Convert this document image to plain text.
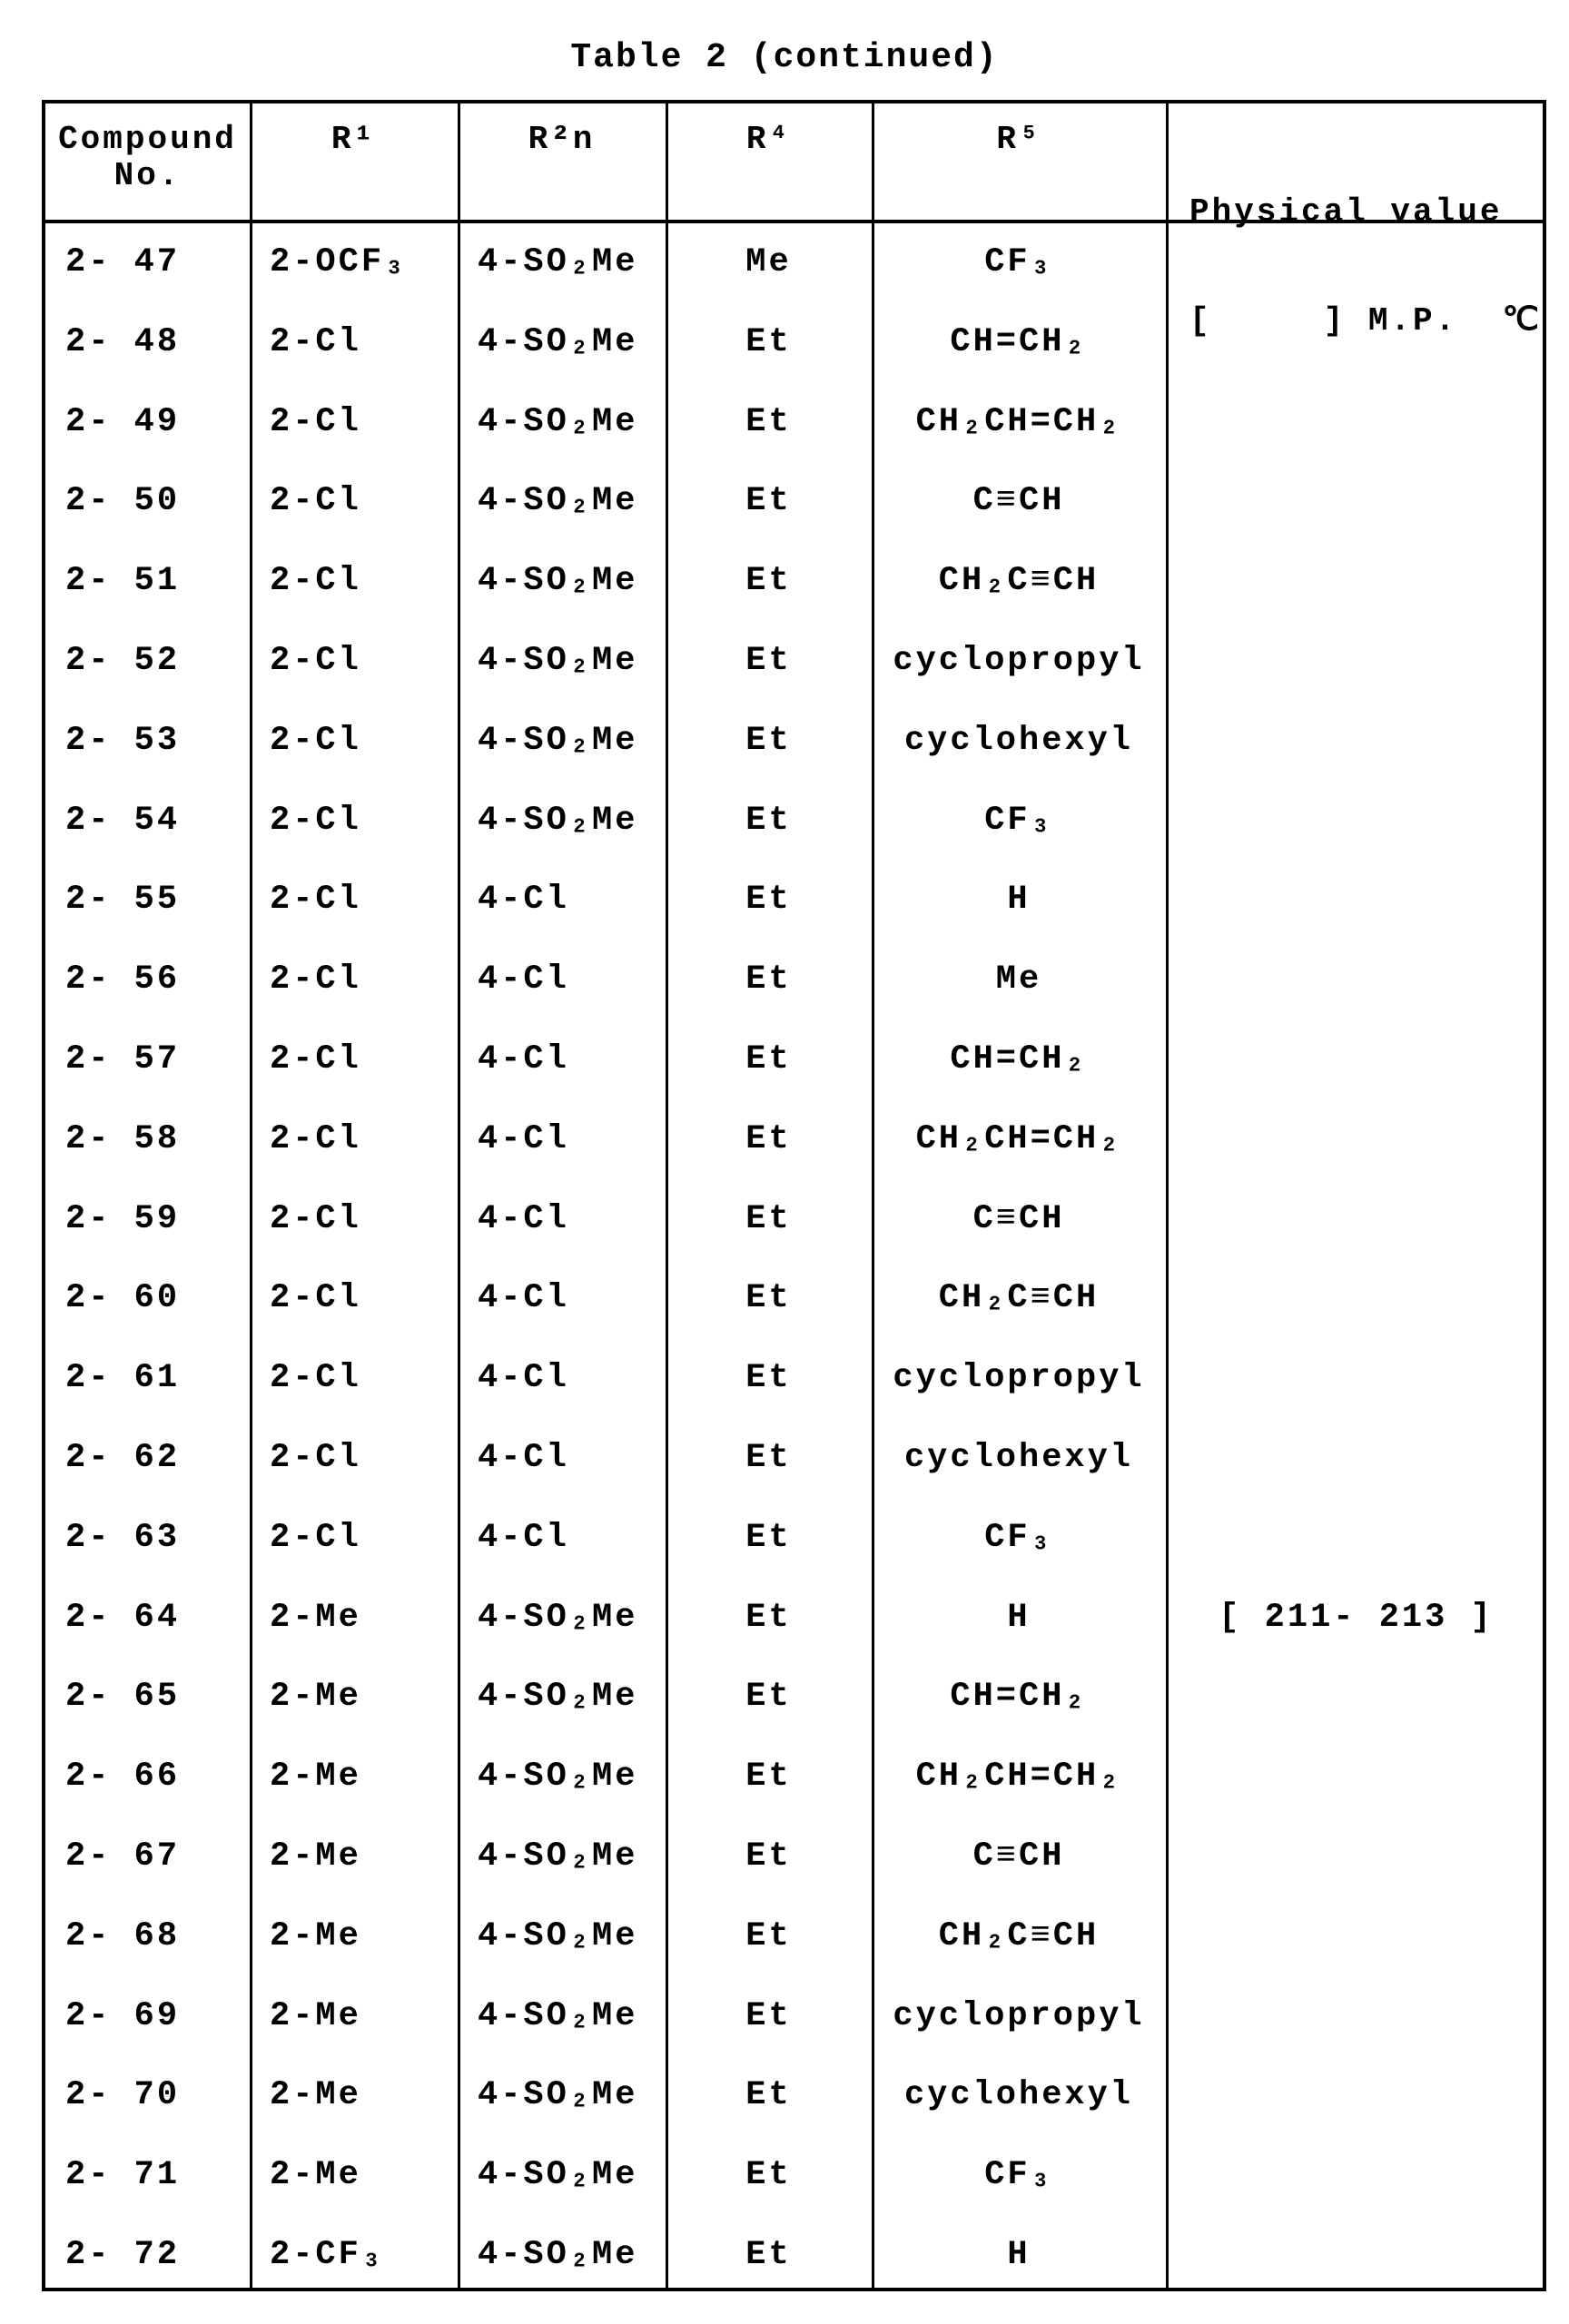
Table 2 (continued)
Compound
No.
R¹	R²n	R⁴	R⁵

Physical value

[     ] M.P.  ℃

2- 47	2-OCF₃	4-SO₂Me	Me	CF₃
2- 48	2-Cl	4-SO₂Me	Et	CH=CH₂
2- 49	2-Cl	4-SO₂Me	Et	CH₂CH=CH₂
2- 50	2-Cl	4-SO₂Me	Et	C≡CH
2- 51	2-Cl	4-SO₂Me	Et	CH₂C≡CH
2- 52	2-Cl	4-SO₂Me	Et	cyclopropyl
2- 53	2-Cl	4-SO₂Me	Et	cyclohexyl
2- 54	2-Cl	4-SO₂Me	Et	CF₃
2- 55	2-Cl	4-Cl	Et	H
2- 56	2-Cl	4-Cl	Et	Me
2- 57	2-Cl	4-Cl	Et	CH=CH₂
2- 58	2-Cl	4-Cl	Et	CH₂CH=CH₂
2- 59	2-Cl	4-Cl	Et	C≡CH
2- 60	2-Cl	4-Cl	Et	CH₂C≡CH
2- 61	2-Cl	4-Cl	Et	cyclopropyl
2- 62	2-Cl	4-Cl	Et	cyclohexyl
2- 63	2-Cl	4-Cl	Et	CF₃
2- 64	2-Me	4-SO₂Me	Et	H	[ 211- 213 ]
2- 65	2-Me	4-SO₂Me	Et	CH=CH₂
2- 66	2-Me	4-SO₂Me	Et	CH₂CH=CH₂
2- 67	2-Me	4-SO₂Me	Et	C≡CH
2- 68	2-Me	4-SO₂Me	Et	CH₂C≡CH
2- 69	2-Me	4-SO₂Me	Et	cyclopropyl
2- 70	2-Me	4-SO₂Me	Et	cyclohexyl
2- 71	2-Me	4-SO₂Me	Et	CF₃
2- 72	2-CF₃	4-SO₂Me	Et	H
